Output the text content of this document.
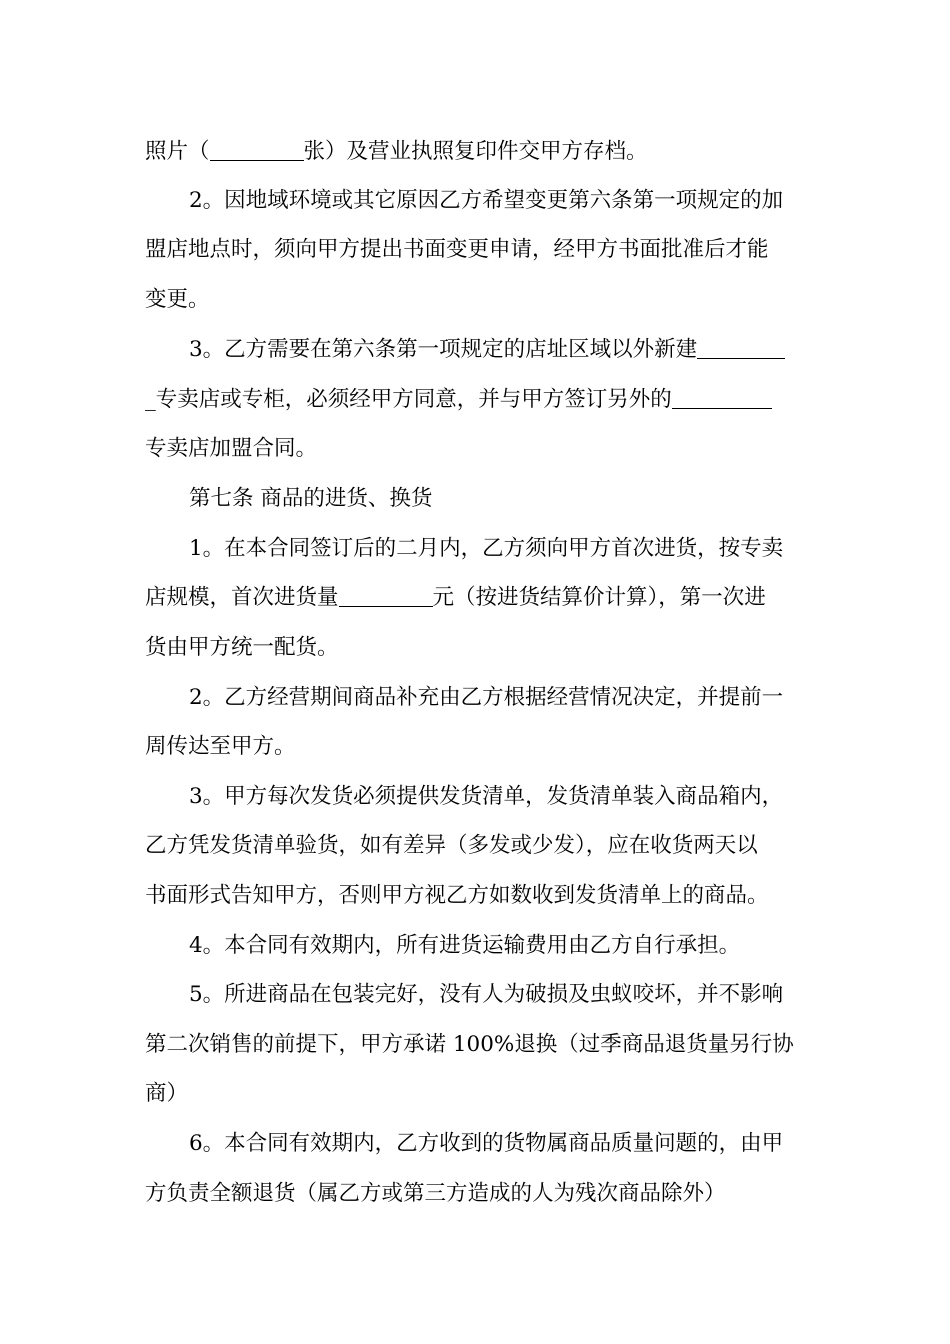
照片（	张）及营业执照复印件交甲方存档。
2。因地域环境或其它原因乙方希望变更第六条第一项规定的加
盟店地点时，须向甲方提出书面变更申请，经甲方书面批准后才能
变更。
3。乙方需要在第六条第一项规定的店址区域以外新建
_专卖店或专柜，必须经甲方同意，并与甲方签订另外的
专卖店加盟合同。
第七条 商品的进货、换货
1。在本合同签订后的二月内，乙方须向甲方首次进货，按专卖
店规模，首次进货量	元（按进货结算价计算），第一次进
货由甲方统一配货。
2。乙方经营期间商品补充由乙方根据经营情况决定，并提前一
周传达至甲方。
3。甲方每次发货必须提供发货清单，发货清单装入商品箱内，
乙方凭发货清单验货，如有差异（多发或少发），应在收货两天以
书面形式告知甲方，否则甲方视乙方如数收到发货清单上的商品。
4。本合同有效期内，所有进货运输费用由乙方自行承担。
5。所进商品在包装完好，没有人为破损及虫蚁咬坏，并不影响
第二次销售的前提下，甲方承诺 100%退换（过季商品退货量另行协
商）
6。本合同有效期内，乙方收到的货物属商品质量问题的，由甲
方负责全额退货（属乙方或第三方造成的人为残次商品除外）
